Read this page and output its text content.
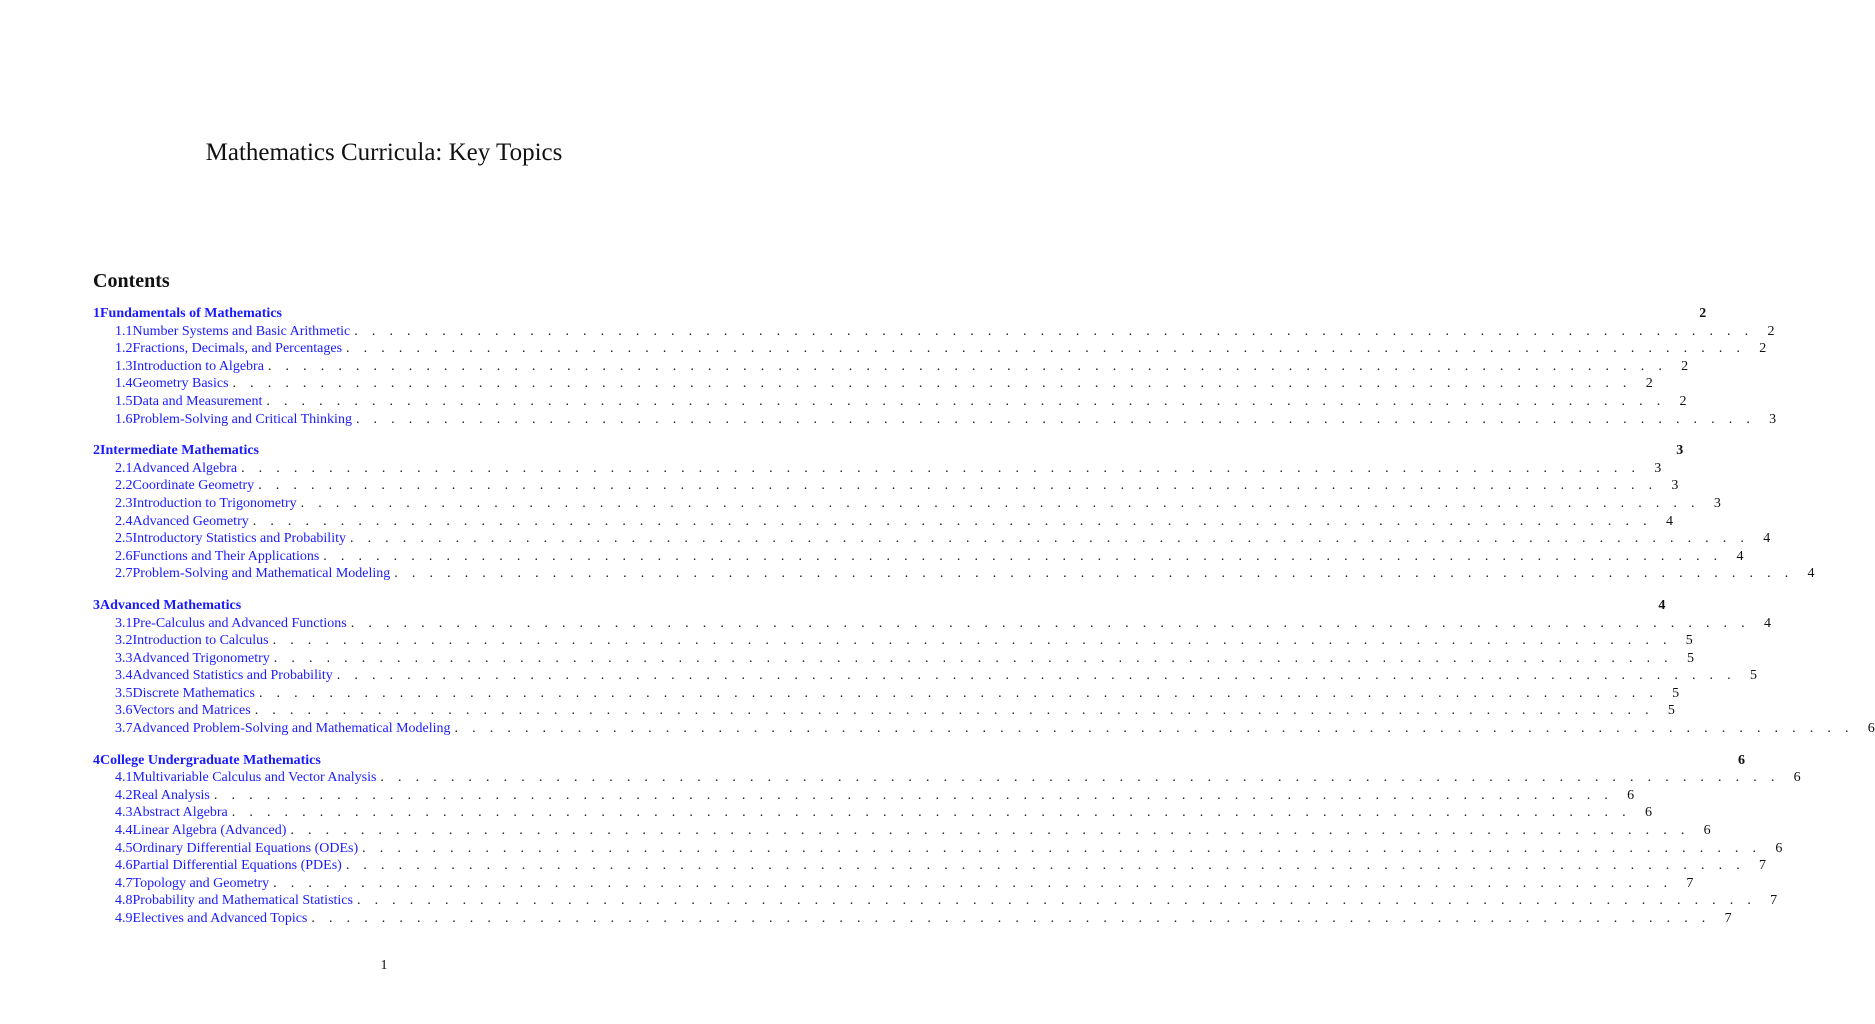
Mathematics Curricula: Key Topics
Contents
1 Fundamentals of Mathematics	2
1.1 Number Systems and Basic Arithmetic . . . . . . . . . . . . . . . . . . . . . . . . . . . . . . . . . . . . . . . . . . . . . . . . . . . . . . . . . . . . . . . . . . . . . . . . . . . . . . . . 2
1.2 Fractions, Decimals, and Percentages . . . . . . . . . . . . . . . . . . . . . . . . . . . . . . . . . . . . . . . . . . . . . . . . . . . . . . . . . . . . . . . . . . . . . . . . . . . . . . . . 2
1.3 Introduction to Algebra . . . . . . . . . . . . . . . . . . . . . . . . . . . . . . . . . . . . . . . . . . . . . . . . . . . . . . . . . . . . . . . . . . . . . . . . . . . . . . . . 2
1.4 Geometry Basics . . . . . . . . . . . . . . . . . . . . . . . . . . . . . . . . . . . . . . . . . . . . . . . . . . . . . . . . . . . . . . . . . . . . . . . . . . . . . . . . 2
1.5 Data and Measurement . . . . . . . . . . . . . . . . . . . . . . . . . . . . . . . . . . . . . . . . . . . . . . . . . . . . . . . . . . . . . . . . . . . . . . . . . . . . . . . . 2
1.6 Problem-Solving and Critical Thinking . . . . . . . . . . . . . . . . . . . . . . . . . . . . . . . . . . . . . . . . . . . . . . . . . . . . . . . . . . . . . . . . . . . . . . . . . . . . . . . . 3
2 Intermediate Mathematics	3
2.1 Advanced Algebra . . . . . . . . . . . . . . . . . . . . . . . . . . . . . . . . . . . . . . . . . . . . . . . . . . . . . . . . . . . . . . . . . . . . . . . . . . . . . . . . 3
2.2 Coordinate Geometry . . . . . . . . . . . . . . . . . . . . . . . . . . . . . . . . . . . . . . . . . . . . . . . . . . . . . . . . . . . . . . . . . . . . . . . . . . . . . . . . 3
2.3 Introduction to Trigonometry . . . . . . . . . . . . . . . . . . . . . . . . . . . . . . . . . . . . . . . . . . . . . . . . . . . . . . . . . . . . . . . . . . . . . . . . . . . . . . . . 3
2.4 Advanced Geometry . . . . . . . . . . . . . . . . . . . . . . . . . . . . . . . . . . . . . . . . . . . . . . . . . . . . . . . . . . . . . . . . . . . . . . . . . . . . . . . . 4
2.5 Introductory Statistics and Probability . . . . . . . . . . . . . . . . . . . . . . . . . . . . . . . . . . . . . . . . . . . . . . . . . . . . . . . . . . . . . . . . . . . . . . . . . . . . . . . . 4
2.6 Functions and Their Applications . . . . . . . . . . . . . . . . . . . . . . . . . . . . . . . . . . . . . . . . . . . . . . . . . . . . . . . . . . . . . . . . . . . . . . . . . . . . . . . . 4
2.7 Problem-Solving and Mathematical Modeling . . . . . . . . . . . . . . . . . . . . . . . . . . . . . . . . . . . . . . . . . . . . . . . . . . . . . . . . . . . . . . . . . . . . . . . . . . . . . . . . 4
3 Advanced Mathematics	4
3.1 Pre-Calculus and Advanced Functions . . . . . . . . . . . . . . . . . . . . . . . . . . . . . . . . . . . . . . . . . . . . . . . . . . . . . . . . . . . . . . . . . . . . . . . . . . . . . . . . 4
3.2 Introduction to Calculus . . . . . . . . . . . . . . . . . . . . . . . . . . . . . . . . . . . . . . . . . . . . . . . . . . . . . . . . . . . . . . . . . . . . . . . . . . . . . . . . 5
3.3 Advanced Trigonometry . . . . . . . . . . . . . . . . . . . . . . . . . . . . . . . . . . . . . . . . . . . . . . . . . . . . . . . . . . . . . . . . . . . . . . . . . . . . . . . . 5
3.4 Advanced Statistics and Probability . . . . . . . . . . . . . . . . . . . . . . . . . . . . . . . . . . . . . . . . . . . . . . . . . . . . . . . . . . . . . . . . . . . . . . . . . . . . . . . . 5
3.5 Discrete Mathematics . . . . . . . . . . . . . . . . . . . . . . . . . . . . . . . . . . . . . . . . . . . . . . . . . . . . . . . . . . . . . . . . . . . . . . . . . . . . . . . . 5
3.6 Vectors and Matrices . . . . . . . . . . . . . . . . . . . . . . . . . . . . . . . . . . . . . . . . . . . . . . . . . . . . . . . . . . . . . . . . . . . . . . . . . . . . . . . . 5
3.7 Advanced Problem-Solving and Mathematical Modeling . . . . . . . . . . . . . . . . . . . . . . . . . . . . . . . . . . . . . . . . . . . . . . . . . . . . . . . . . . . . . . . . . . . . . . . . . . . . . . . . 6
4 College Undergraduate Mathematics	6
4.1 Multivariable Calculus and Vector Analysis . . . . . . . . . . . . . . . . . . . . . . . . . . . . . . . . . . . . . . . . . . . . . . . . . . . . . . . . . . . . . . . . . . . . . . . . . . . . . . . . 6
4.2 Real Analysis . . . . . . . . . . . . . . . . . . . . . . . . . . . . . . . . . . . . . . . . . . . . . . . . . . . . . . . . . . . . . . . . . . . . . . . . . . . . . . . . 6
4.3 Abstract Algebra . . . . . . . . . . . . . . . . . . . . . . . . . . . . . . . . . . . . . . . . . . . . . . . . . . . . . . . . . . . . . . . . . . . . . . . . . . . . . . . . 6
4.4 Linear Algebra (Advanced) . . . . . . . . . . . . . . . . . . . . . . . . . . . . . . . . . . . . . . . . . . . . . . . . . . . . . . . . . . . . . . . . . . . . . . . . . . . . . . . . 6
4.5 Ordinary Differential Equations (ODEs) . . . . . . . . . . . . . . . . . . . . . . . . . . . . . . . . . . . . . . . . . . . . . . . . . . . . . . . . . . . . . . . . . . . . . . . . . . . . . . . . 6
4.6 Partial Differential Equations (PDEs) . . . . . . . . . . . . . . . . . . . . . . . . . . . . . . . . . . . . . . . . . . . . . . . . . . . . . . . . . . . . . . . . . . . . . . . . . . . . . . . . 7
4.7 Topology and Geometry . . . . . . . . . . . . . . . . . . . . . . . . . . . . . . . . . . . . . . . . . . . . . . . . . . . . . . . . . . . . . . . . . . . . . . . . . . . . . . . . 7
4.8 Probability and Mathematical Statistics . . . . . . . . . . . . . . . . . . . . . . . . . . . . . . . . . . . . . . . . . . . . . . . . . . . . . . . . . . . . . . . . . . . . . . . . . . . . . . . . 7
4.9 Electives and Advanced Topics . . . . . . . . . . . . . . . . . . . . . . . . . . . . . . . . . . . . . . . . . . . . . . . . . . . . . . . . . . . . . . . . . . . . . . . . . . . . . . . . 7
1
